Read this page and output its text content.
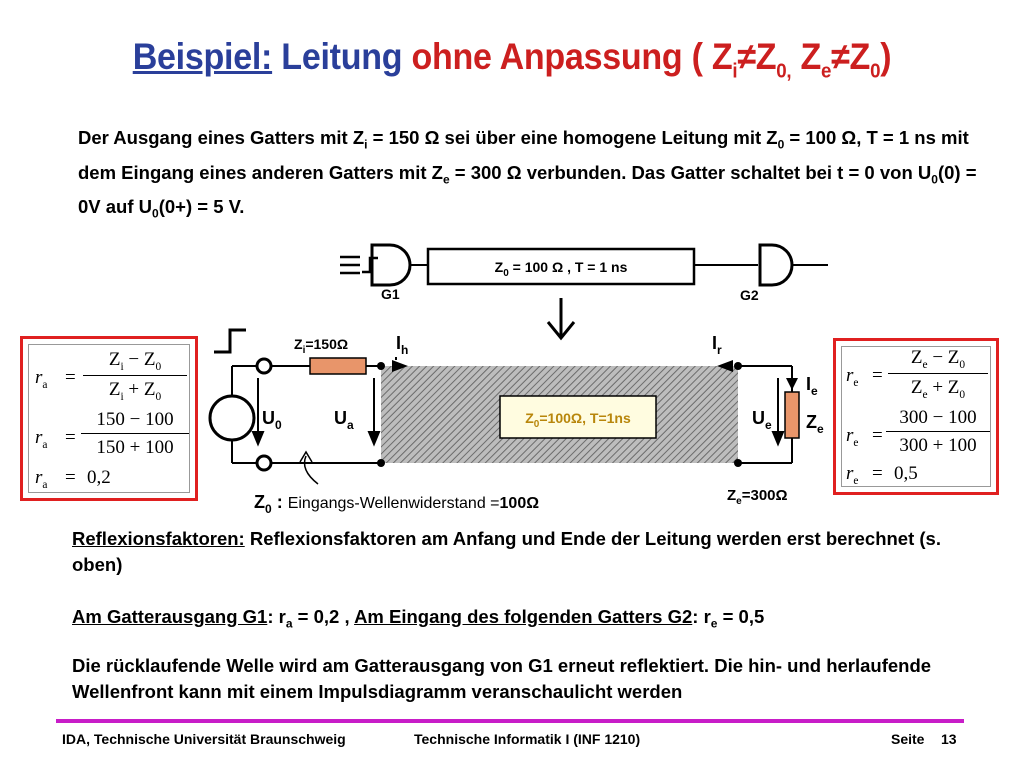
Beispiel: Leitung ohne Anpassung ( $Z_i\ne Z_{0,}$ $Z_e\ne Z_0$)
Der Ausgang eines Gatters mit $Z_i = 150$ Ω sei über eine homogene Leitung mit $Z_0 = 100$ Ω, T = 1 ns mit dem Eingang eines anderen Gatters mit $Z_e = 300$ Ω verbunden. Das Gatter schaltet bei t = 0 von $U_0(0) = 0V$ auf $U_0(0+) = 5$ V.
$Z_0 = 100$ Ω , T = 1 ns
G1	G2
$Z_0=100\Omega$, T=1ns
$Z_i=150\Omega$	$I_h$	$I_r$
$I_e$
$Z_e$
$U_0$	$U_a$	$U_e$
$Z_0$ : Eingangs-Wellenwiderstand =100Ω	$Z_e=300\Omega$
$r_a = \frac{Z_i - Z_0}{Z_i + Z_0}$
$r_a = \frac{150 - 100}{150 + 100}$
$r_a = 0,2$
$r_e = \frac{Z_e - Z_0}{Z_e + Z_0}$
$r_e = \frac{300 - 100}{300 + 100}$
$r_e = 0,5$
Reflexionsfaktoren: Reflexionsfaktoren am Anfang und Ende der Leitung werden erst berechnet (s. oben)
Am Gatterausgang G1: $r_a = 0,2$ , Am Eingang des folgenden Gatters G2: $r_e = 0,5$
Die rücklaufende Welle wird am Gatterausgang von G1 erneut reflektiert. Die hin- und herlaufende Wellenfront kann mit einem Impulsdiagramm veranschaulicht werden
IDA, Technische Universität Braunschweig	Technische Informatik I (INF 1210)	Seite 13
